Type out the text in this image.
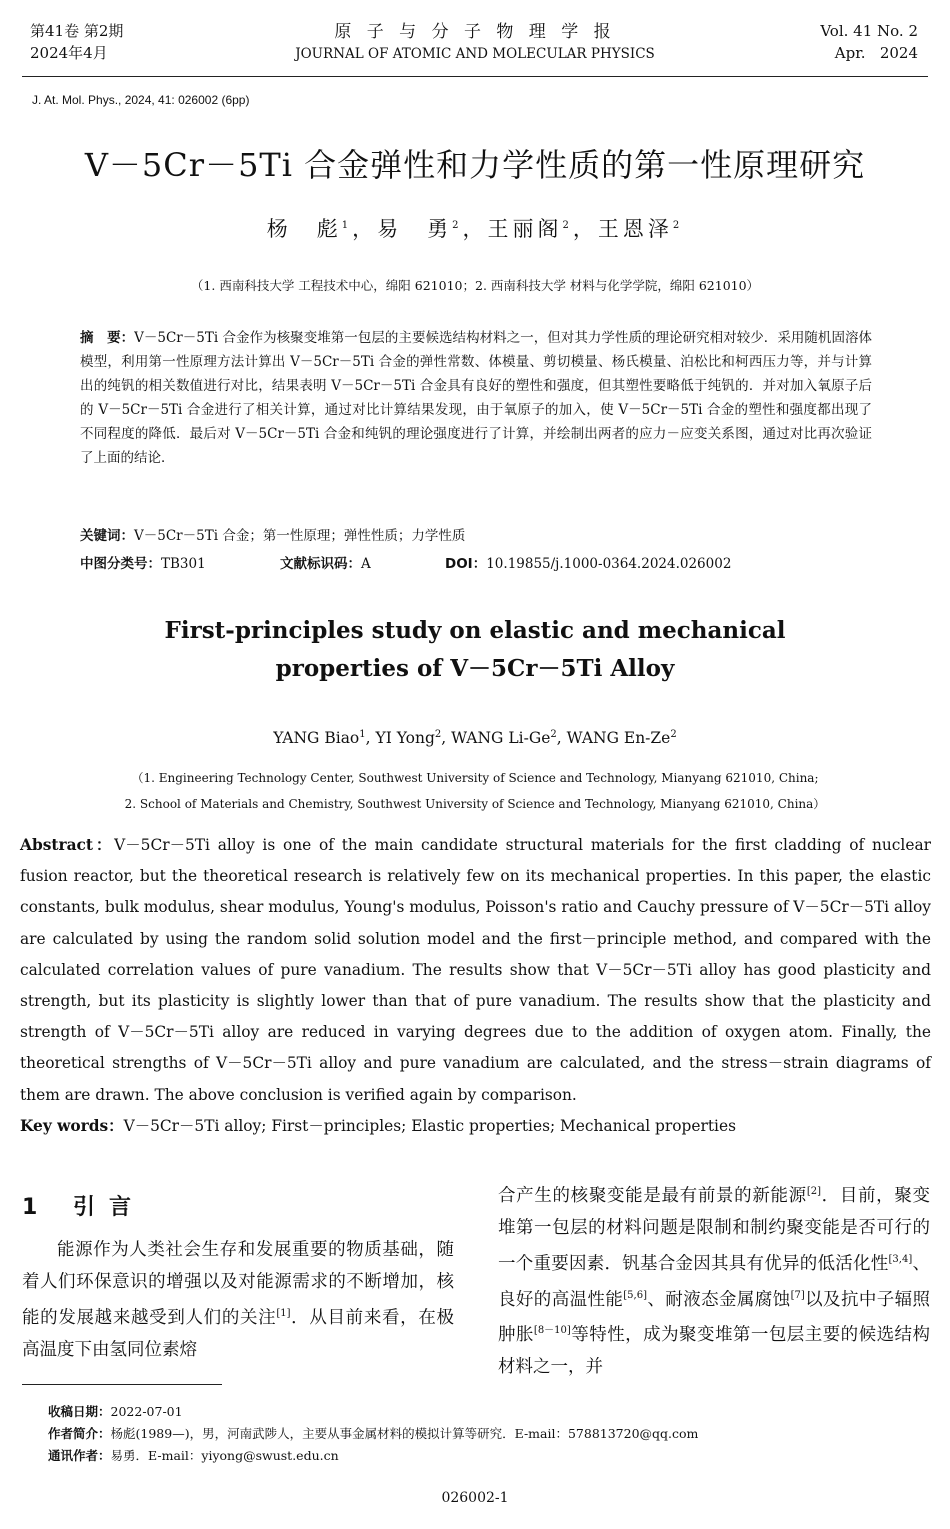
第41卷 第2期
2024年4月
原 子 与 分 子 物 理 学 报
JOURNAL OF ATOMIC AND MOLECULAR PHYSICS
Vol. 41 No. 2
Apr.   2024
J. At. Mol. Phys., 2024, 41: 026002 (6pp)
V－5Cr－5Ti 合金弹性和力学性质的第一性原理研究
杨　彪$^1$，易　勇$^2$，王丽阁$^2$，王恩泽$^2$
（1. 西南科技大学 工程技术中心，绵阳 621010；2. 西南科技大学 材料与化学学院，绵阳 621010）
摘　要：V－5Cr－5Ti 合金作为核聚变堆第一包层的主要候选结构材料之一，但对其力学性质的理论研究相对较少．采用随机固溶体模型，利用第一性原理方法计算出 V－5Cr－5Ti 合金的弹性常数、体模量、剪切模量、杨氏模量、泊松比和柯西压力等，并与计算出的纯钒的相关数值进行对比，结果表明 V－5Cr－5Ti 合金具有良好的塑性和强度，但其塑性要略低于纯钒的．并对加入氧原子后的 V－5Cr－5Ti 合金进行了相关计算，通过对比计算结果发现，由于氧原子的加入，使 V－5Cr－5Ti 合金的塑性和强度都出现了不同程度的降低．最后对 V－5Cr－5Ti 合金和纯钒的理论强度进行了计算，并绘制出两者的应力－应变关系图，通过对比再次验证了上面的结论．
关键词：V－5Cr－5Ti 合金；第一性原理；弹性性质；力学性质
中图分类号：TB301	文献标识码：A	DOI：10.19855/j.1000-0364.2024.026002
First-principles study on elastic and mechanical
properties of V－5Cr－5Ti Alloy
YANG Biao$^1$, YI Yong$^2$, WANG Li-Ge$^2$, WANG En-Ze$^2$
（1. Engineering Technology Center, Southwest University of Science and Technology, Mianyang 621010, China;
2. School of Materials and Chemistry, Southwest University of Science and Technology, Mianyang 621010, China）
Abstract：V－5Cr－5Ti alloy is one of the main candidate structural materials for the first cladding of nuclear fusion reactor, but the theoretical research is relatively few on its mechanical properties. In this paper, the elastic constants, bulk modulus, shear modulus, Young's modulus, Poisson's ratio and Cauchy pressure of V－5Cr－5Ti alloy are calculated by using the random solid solution model and the first－principle method, and compared with the calculated correlation values of pure vanadium. The results show that V－5Cr－5Ti alloy has good plasticity and strength, but its plasticity is slightly lower than that of pure vanadium. The results show that the plasticity and strength of V－5Cr－5Ti alloy are reduced in varying degrees due to the addition of oxygen atom. Finally, the theoretical strengths of V－5Cr－5Ti alloy and pure vanadium are calculated, and the stress－strain diagrams of them are drawn. The above conclusion is verified again by comparison.
Key words：V－5Cr－5Ti alloy; First－principles; Elastic properties; Mechanical properties
1 引言
能源作为人类社会生存和发展重要的物质基础，随着人们环保意识的增强以及对能源需求的不断增加，核能的发展越来越受到人们的关注[1]．从目前来看，在极高温度下由氢同位素熔
合产生的核聚变能是最有前景的新能源[2]．目前，聚变堆第一包层的材料问题是限制和制约聚变能是否可行的一个重要因素．钒基合金因其具有优异的低活化性[3,4]、良好的高温性能[5,6]、耐液态金属腐蚀[7]以及抗中子辐照肿胀[8－10]等特性，成为聚变堆第一包层主要的候选结构材料之一，并
收稿日期：2022-07-01
作者简介：杨彪(1989—)，男，河南武陟人，主要从事金属材料的模拟计算等研究．E-mail：578813720@qq.com
通讯作者：易勇．E-mail：yiyong@swust.edu.cn
026002-1
